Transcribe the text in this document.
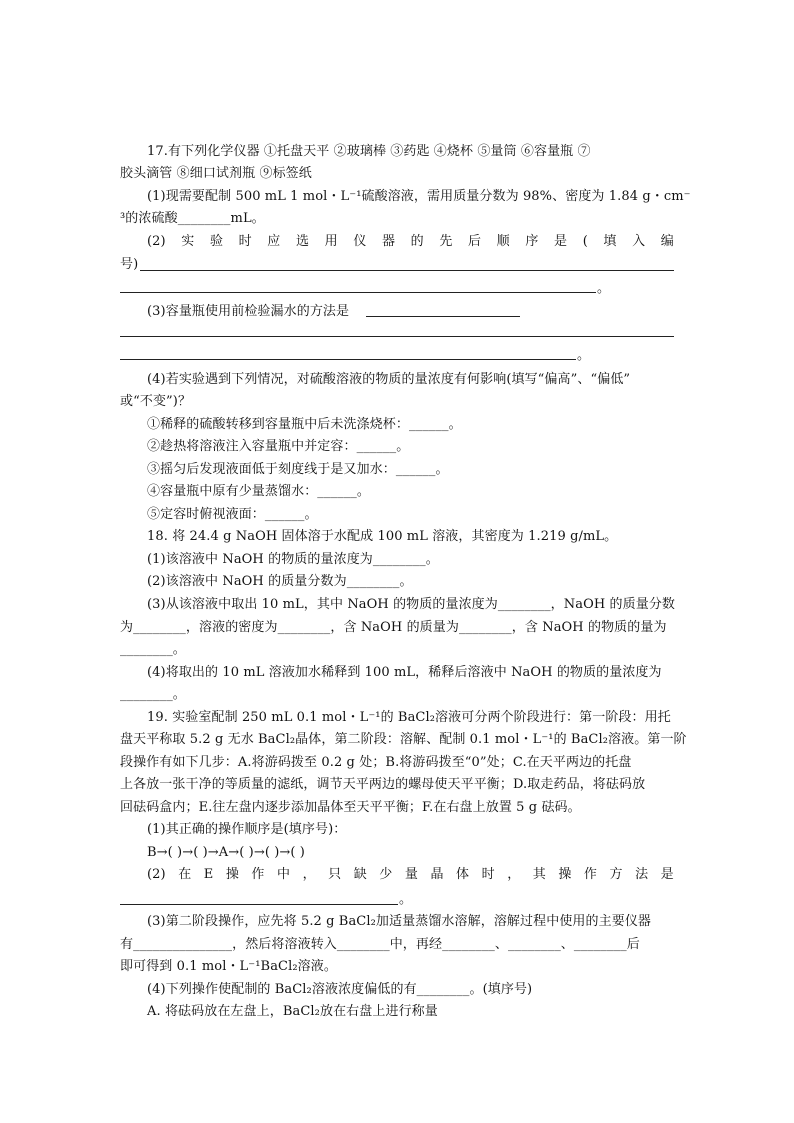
17.有下列化学仪器 ①托盘天平 ②玻璃棒 ③药匙 ④烧杯 ⑤量筒 ⑥容量瓶 ⑦
胶头滴管 ⑧细口试剂瓶 ⑨标签纸
(1)现需要配制 500 mL 1 mol・L⁻¹硫酸溶液，需用质量分数为 98%、密度为 1.84 g・cm⁻
³的浓硫酸________mL。
(2) 实 验 时 应 选 用 仪 器 的 先 后 顺 序 是 ( 填 入 编
号)
。
(3)容量瓶使用前检验漏水的方法是
。
(4)若实验遇到下列情况，对硫酸溶液的物质的量浓度有何影响(填写“偏高”、“偏低”
或“不变”)？
①稀释的硫酸转移到容量瓶中后未洗涤烧杯：______。
②趁热将溶液注入容量瓶中并定容：______。
③摇匀后发现液面低于刻度线于是又加水：______。
④容量瓶中原有少量蒸馏水：______。
⑤定容时俯视液面：______。
18. 将 24.4 g NaOH 固体溶于水配成 100 mL 溶液，其密度为 1.219 g/mL。
(1)该溶液中 NaOH 的物质的量浓度为________。
(2)该溶液中 NaOH 的质量分数为________。
(3)从该溶液中取出 10 mL，其中 NaOH 的物质的量浓度为________，NaOH 的质量分数
为________，溶液的密度为________，含 NaOH 的质量为________，含 NaOH 的物质的量为
________。
(4)将取出的 10 mL 溶液加水稀释到 100 mL，稀释后溶液中 NaOH 的物质的量浓度为
________。
19. 实验室配制 250 mL 0.1 mol・L⁻¹的 BaCl₂溶液可分两个阶段进行：第一阶段：用托
盘天平称取 5.2 g 无水 BaCl₂晶体，第二阶段：溶解、配制 0.1 mol・L⁻¹的 BaCl₂溶液。第一阶
段操作有如下几步：A.将游码拨至 0.2 g 处；B.将游码拨至“0”处；C.在天平两边的托盘
上各放一张干净的等质量的滤纸，调节天平两边的螺母使天平平衡；D.取走药品，将砝码放
回砝码盒内；E.往左盘内逐步添加晶体至天平平衡；F.在右盘上放置 5 g 砝码。
(1)其正确的操作顺序是(填序号)：
B→( )→( )→A→( )→( )→( )
(2) 在 E 操 作 中 ， 只 缺 少 量 晶 体 时 ， 其 操 作 方 法 是
。
(3)第二阶段操作，应先将 5.2 g BaCl₂加适量蒸馏水溶解，溶解过程中使用的主要仪器
有_______________，然后将溶液转入________中，再经________、________、________后
即可得到 0.1 mol・L⁻¹BaCl₂溶液。
(4)下列操作使配制的 BaCl₂溶液浓度偏低的有________。(填序号)
A. 将砝码放在左盘上，BaCl₂放在右盘上进行称量
